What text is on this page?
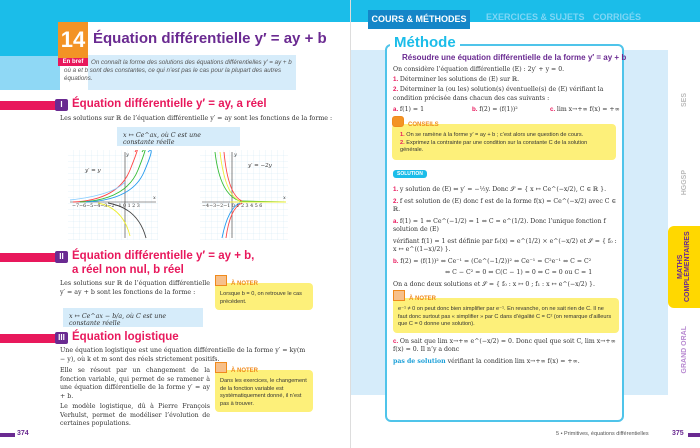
14 Équation différentielle y′ = ay + b
En bref	On connaît la forme des solutions des équations différentielles y′ = ay + b où a et b sont des constantes, ce qui n’est pas le cas pour la plupart des autres équations.

I Équation différentielle y′ = ay, a réel

Les solutions sur ℝ de l’équation différentielle y′ = ay sont les fonctions de la forme :

x ↦ Ce^ax, où C est une constante réelle
y′ = y
−7−6−5−4−3−2−1 0 1 2 3
y
x
y′ = −2y
−4−3−2−1 0 1 2 3 4 5 6
y
x
II Équation différentielle y′ = ay + b,
a réel non nul, b réel

Les solutions sur ℝ de l’équation différentielle y′ = ay + b sont les fonctions de la forme :

x ↦ Ce^ax − b/a, où C est une constante réelle
À NOTER
Lorsque b = 0, on retrouve le cas précédent.
III Équation logistique

Une équation logistique est une équation différentielle de la forme y′ = ky(m − y), où k et m sont des réels strictement positifs.

Elle se résout par un changement de la fonction variable, qui permet de se ramener à une équation différentielle de la forme y′ = ay + b.

Le modèle logistique, dû à Pierre François Verhulst, permet de modéliser l’évolution de certaines populations.

À NOTER
Dans les exercices, le changement de la fonction variable est systématiquement donné, il n’est pas à trouver.
374
COURS & MÉTHODES	EXERCICES & SUJETS CORRIGÉS
SES
HGGSP
MATHS COMPLÉMENTAIRES
GRAND ORAL
Méthode
Résoudre une équation différentielle de la forme y′ = ay + b
On considère l’équation différentielle (E) : 2y′ + y = 0.
1. Déterminer les solutions de (E) sur ℝ.
2. Déterminer la (ou les) solution(s) éventuelle(s) de (E) vérifiant la condition précisée dans chacun des cas suivants :
a. f(1) = 1	b. f(2) = (f(1))²	c. lim x→+∞ f(x) = +∞
CONSEILS
1. On se ramène à la forme y′ = ay + b ; c’est alors une question de cours.
2. Exprimez la contrainte par une condition sur la constante C de la solution générale.
SOLUTION
1. y solution de (E) ⇔ y′ = −½y. Donc 𝒮 = { x ↦ Ce^(−x/2), C ∈ ℝ }.
2. f est solution de (E) donc f est de la forme f(x) = Ce^(−x/2) avec C ∈ ℝ.
a. f(1) = 1 ⇔ Ce^(−1/2) = 1 ⇔ C = e^(1/2). Donc l’unique fonction f solution de (E)
vérifiant f(1) = 1 est définie par f₀(x) = e^(1/2) × e^(−x/2) et 𝒮 = { f₀ : x ↦ e^((1−x)/2) }.
b. f(2) = (f(1))² ⇔ Ce⁻¹ = (Ce^(−1/2))² ⇔ Ce⁻¹ = C²e⁻¹ ⇔ C = C²
⇔ C − C² = 0 ⇔ C(C − 1) = 0 ⇔ C = 0 ou C = 1
On a donc deux solutions et 𝒮 = { f₀ : x ↦ 0 ; f₁ : x ↦ e^(−x/2) }.
À NOTER
e⁻¹ ≠ 0 on peut donc bien simplifier par e⁻¹. En revanche, on ne sait rien de C. Il ne faut donc surtout pas « simplifier » par C dans d’égalité C = C² (on remarque d’ailleurs que C = 0 donne une solution).
c. On sait que lim x→+∞ e^(−x/2) = 0. Donc quel que soit C, lim x→+∞ f(x) = 0. Il n’y a donc
pas de solution vérifiant la condition lim x→+∞ f(x) = +∞.
5 • Primitives, équations différentielles	375
